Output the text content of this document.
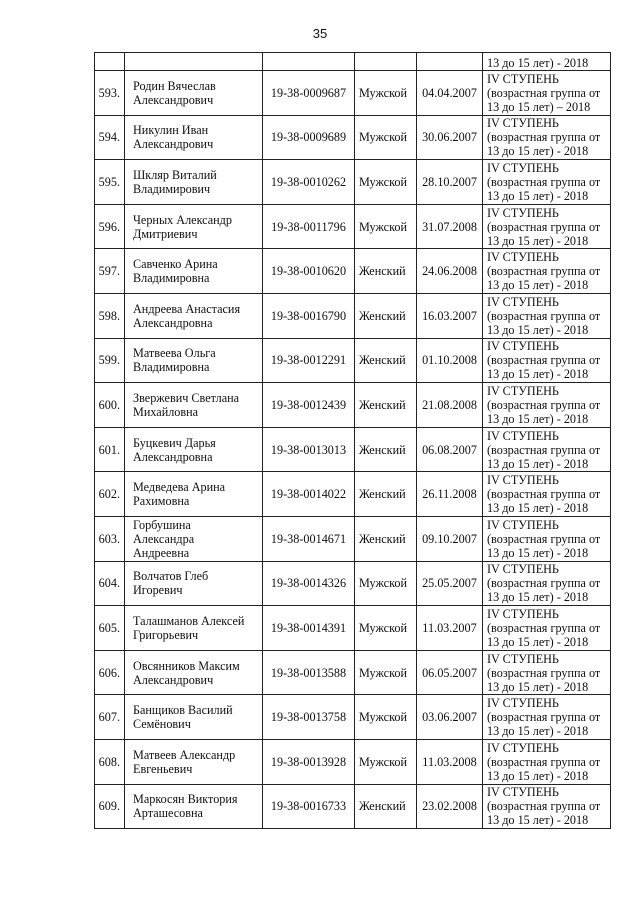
35

					13 до 15 лет) - 2018

593.	Родин Вячеслав
Александрович	19-38-0009687	Мужской	04.04.2007	IV СТУПЕНЬ
(возрастная группа от
13 до 15 лет) – 2018

594.	Никулин Иван
Александрович	19-38-0009689	Мужской	30.06.2007	IV СТУПЕНЬ
(возрастная группа от
13 до 15 лет) - 2018

595.	Шкляр Виталий
Владимирович	19-38-0010262	Мужской	28.10.2007	IV СТУПЕНЬ
(возрастная группа от
13 до 15 лет) - 2018

596.	Черных Александр
Дмитриевич	19-38-0011796	Мужской	31.07.2008	IV СТУПЕНЬ
(возрастная группа от
13 до 15 лет) - 2018

597.	Савченко Арина
Владимировна	19-38-0010620	Женский	24.06.2008	IV СТУПЕНЬ
(возрастная группа от
13 до 15 лет) - 2018

598.	Андреева Анастасия
Александровна	19-38-0016790	Женский	16.03.2007	IV СТУПЕНЬ
(возрастная группа от
13 до 15 лет) - 2018

599.	Матвеева Ольга
Владимировна	19-38-0012291	Женский	01.10.2008	IV СТУПЕНЬ
(возрастная группа от
13 до 15 лет) - 2018

600.	Звержевич Светлана
Михайловна	19-38-0012439	Женский	21.08.2008	IV СТУПЕНЬ
(возрастная группа от
13 до 15 лет) - 2018

601.	Буцкевич Дарья
Александровна	19-38-0013013	Женский	06.08.2007	IV СТУПЕНЬ
(возрастная группа от
13 до 15 лет) - 2018

602.	Медведева Арина
Рахимовна	19-38-0014022	Женский	26.11.2008	IV СТУПЕНЬ
(возрастная группа от
13 до 15 лет) - 2018

603.	Горбушина
Александра
Андреевна	19-38-0014671	Женский	09.10.2007	IV СТУПЕНЬ
(возрастная группа от
13 до 15 лет) - 2018

604.	Волчатов Глеб
Игоревич	19-38-0014326	Мужской	25.05.2007	IV СТУПЕНЬ
(возрастная группа от
13 до 15 лет) - 2018

605.	Талашманов Алексей
Григорьевич	19-38-0014391	Мужской	11.03.2007	IV СТУПЕНЬ
(возрастная группа от
13 до 15 лет) - 2018

606.	Овсянников Максим
Александрович	19-38-0013588	Мужской	06.05.2007	IV СТУПЕНЬ
(возрастная группа от
13 до 15 лет) - 2018

607.	Банщиков Василий
Семёнович	19-38-0013758	Мужской	03.06.2007	IV СТУПЕНЬ
(возрастная группа от
13 до 15 лет) - 2018

608.	Матвеев Александр
Евгеньевич	19-38-0013928	Мужской	11.03.2008	IV СТУПЕНЬ
(возрастная группа от
13 до 15 лет) - 2018

609.	Маркосян Виктория
Арташесовна	19-38-0016733	Женский	23.02.2008	IV СТУПЕНЬ
(возрастная группа от
13 до 15 лет) - 2018
